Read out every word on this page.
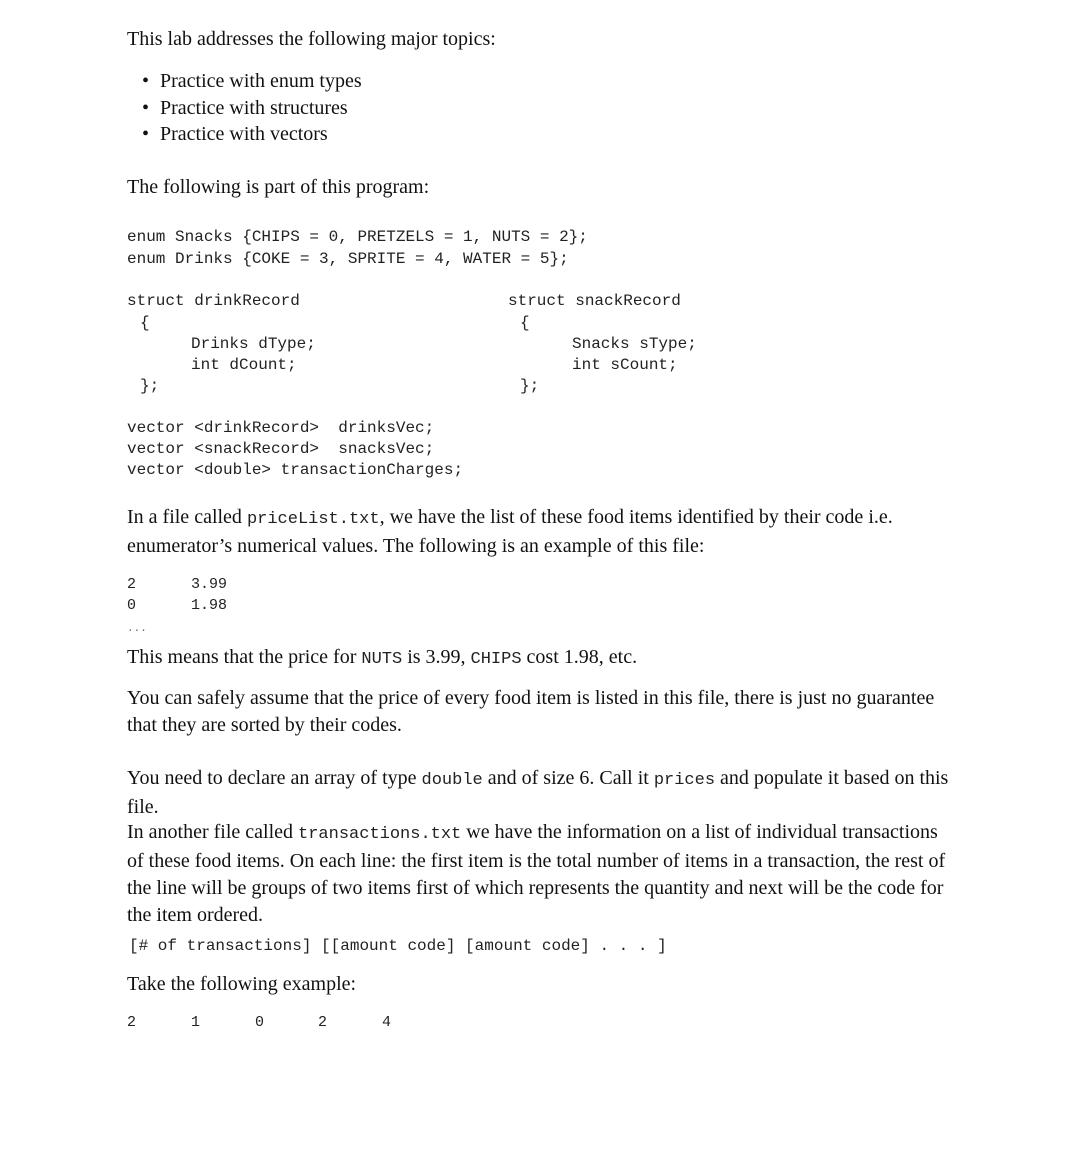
This lab addresses the following major topics:
• Practice with enum types
• Practice with structures
• Practice with vectors
The following is part of this program:
enum Snacks {CHIPS = 0, PRETZELS = 1, NUTS = 2};
enum Drinks {COKE = 3, SPRITE = 4, WATER = 5};
struct drinkRecord
{
Drinks dType;
int dCount;
};
struct snackRecord
{
Snacks sType;
int sCount;
};
vector <drinkRecord>  drinksVec;
vector <snackRecord>  snacksVec;
vector <double> transactionCharges;
In a file called priceList.txt, we have the list of these food items identified by their code i.e. enumerator’s numerical values. The following is an example of this file:
2	3.99
0	1.98
...
This means that the price for NUTS is 3.99, CHIPS cost 1.98, etc.
You can safely assume that the price of every food item is listed in this file, there is just no guarantee that they are sorted by their codes.
You need to declare an array of type double and of size 6. Call it prices and populate it based on this file.
In another file called transactions.txt we have the information on a list of individual transactions of these food items. On each line: the first item is the total number of items in a transaction, the rest of the line will be groups of two items first of which represents the quantity and next will be the code for the item ordered.
[# of transactions] [[amount code] [amount code] . . . ]
Take the following example:
2	1	0	2	4
